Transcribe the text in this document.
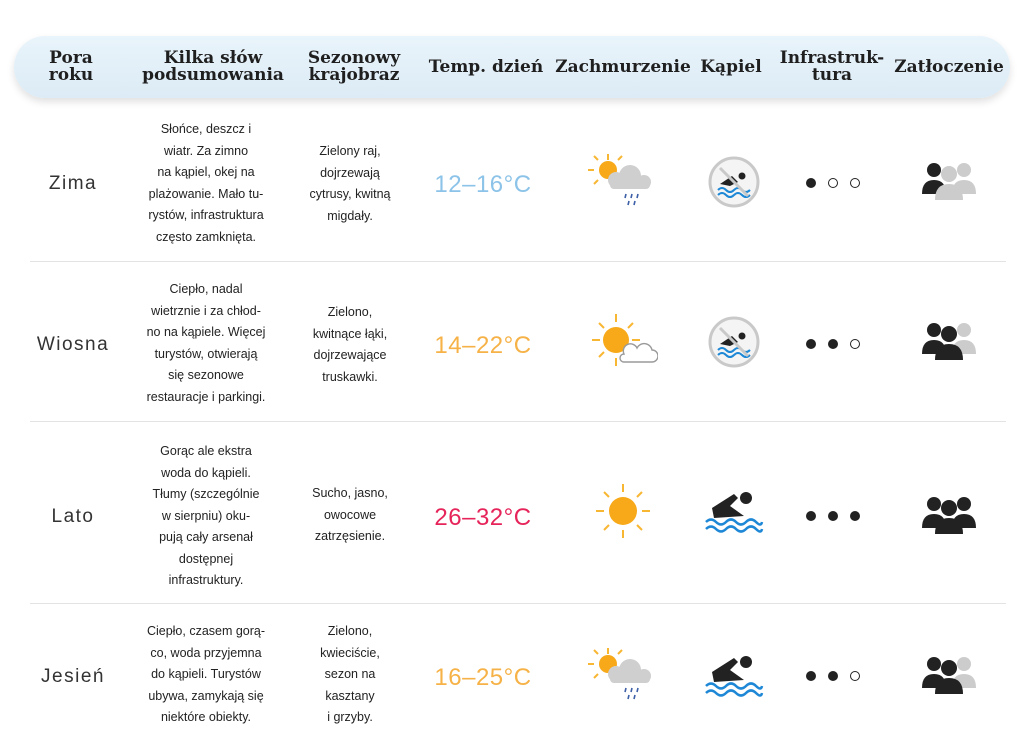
Pora
roku
Kilka słów
podsumowania
Sezonowy
krajobraz	Temp. dzień Zachmurzenie Kąpiel Infrastruk-
tura	Zatłoczenie
Zima
Słońce, deszcz i
wiatr. Za zimno
na kąpiel, okej na
plażowanie. Mało tu-
rystów, infrastruktura
często zamknięta.
Zielony raj,
dojrzewają
cytrusy, kwitną
migdały.
12–16°C
Wiosna
Ciepło, nadal
wietrznie i za chłod-
no na kąpiele. Więcej
turystów, otwierają
się sezonowe
restauracje i parkingi.
Zielono,
kwitnące łąki,
dojrzewające
truskawki.
14–22°C
Lato
Gorąc ale ekstra
woda do kąpieli.
Tłumy (szczególnie
w sierpniu) oku-
pują cały arsenał
dostępnej
infrastruktury.
Sucho, jasno,
owocowe
zatrzęsienie.
26–32°C
Jesień
Ciepło, czasem gorą-
co, woda przyjemna
do kąpieli. Turystów
ubywa, zamykają się
niektóre obiekty.
Zielono,
kwieciście,
sezon na
kasztany
i grzyby.
16–25°C
